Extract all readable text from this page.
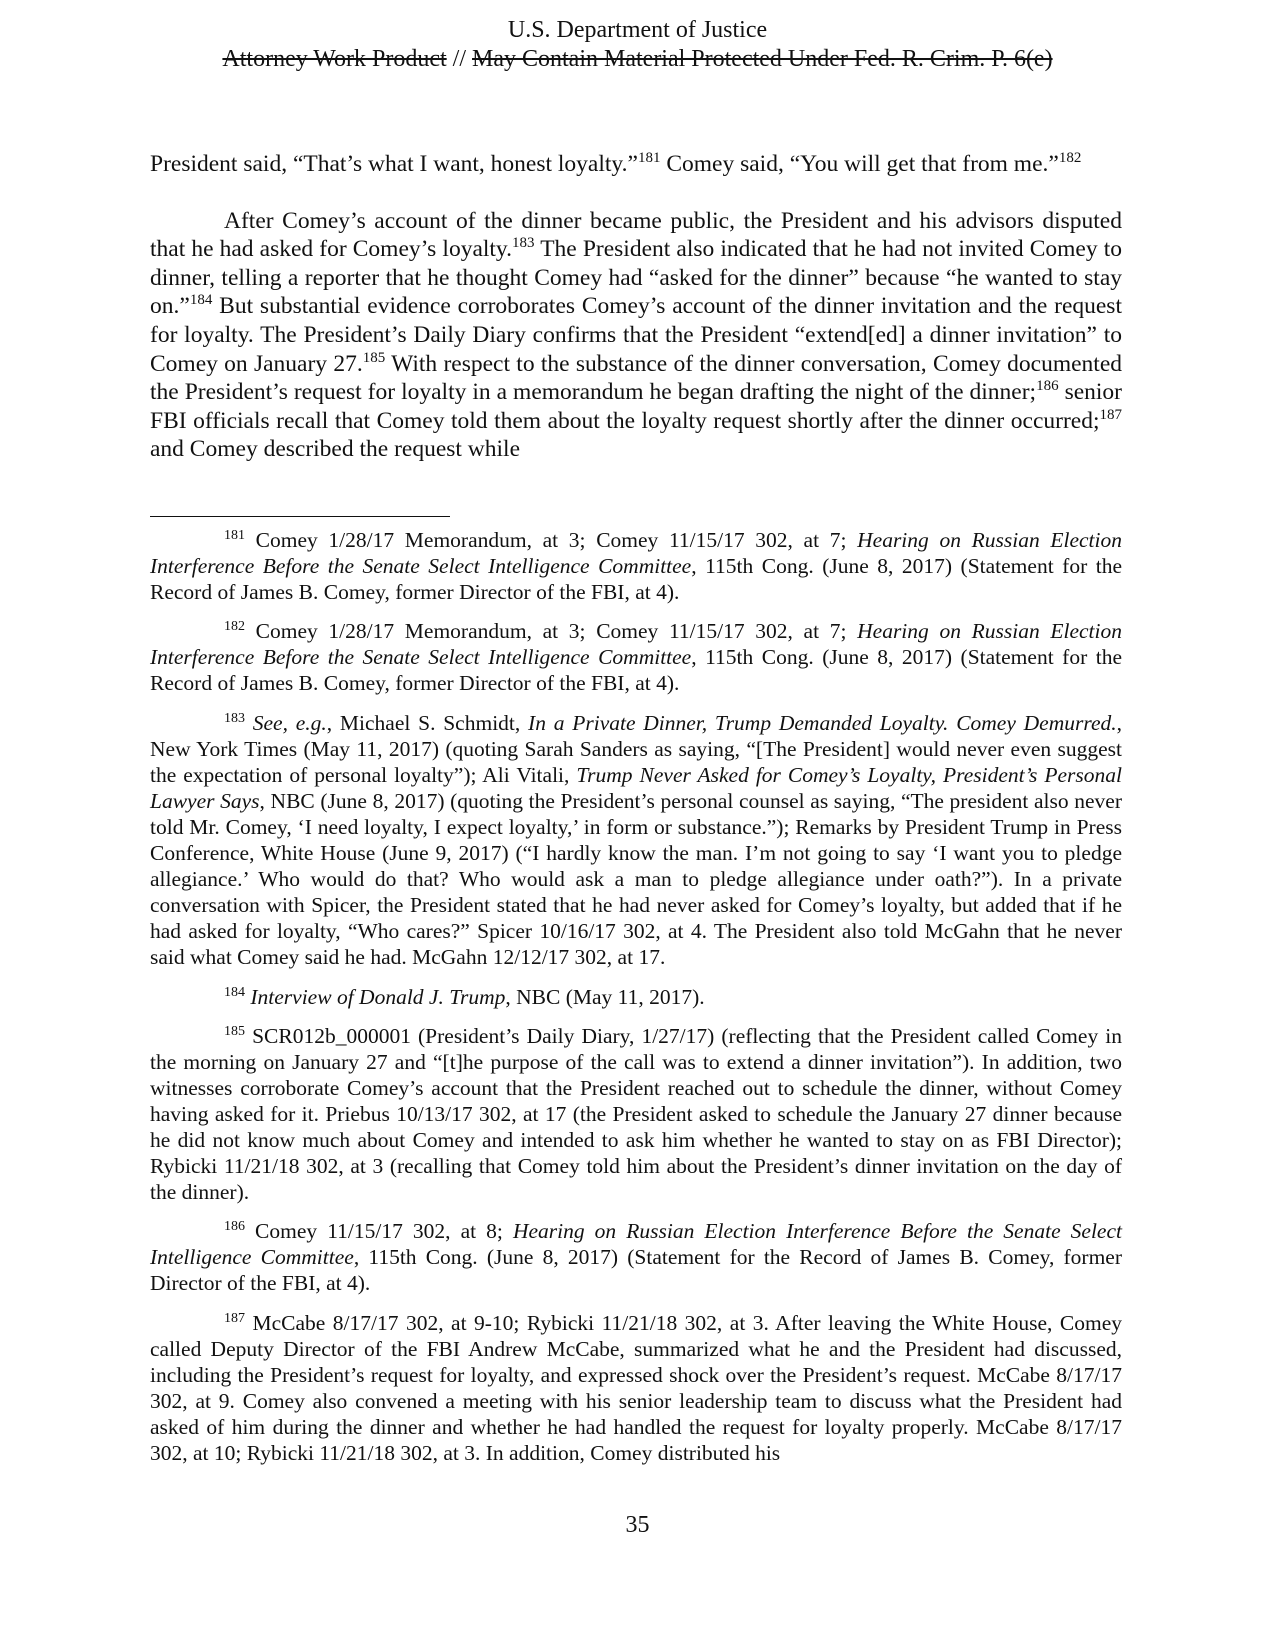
U.S. Department of Justice
Attorney Work Product // May Contain Material Protected Under Fed. R. Crim. P. 6(e)

President said, “That’s what I want, honest loyalty.”$^{181}$ Comey said, “You will get that from me.”$^{182}$

After Comey’s account of the dinner became public, the President and his advisors disputed that he had asked for Comey’s loyalty.$^{183}$ The President also indicated that he had not invited Comey to dinner, telling a reporter that he thought Comey had “asked for the dinner” because “he wanted to stay on.”$^{184}$ But substantial evidence corroborates Comey’s account of the dinner invitation and the request for loyalty. The President’s Daily Diary confirms that the President “extend[ed] a dinner invitation” to Comey on January 27.$^{185}$ With respect to the substance of the dinner conversation, Comey documented the President’s request for loyalty in a memorandum he began drafting the night of the dinner;$^{186}$ senior FBI officials recall that Comey told them about the loyalty request shortly after the dinner occurred;$^{187}$ and Comey described the request while

$^{181}$ Comey 1/28/17 Memorandum, at 3; Comey 11/15/17 302, at 7; Hearing on Russian Election Interference Before the Senate Select Intelligence Committee, 115th Cong. (June 8, 2017) (Statement for the Record of James B. Comey, former Director of the FBI, at 4).

$^{182}$ Comey 1/28/17 Memorandum, at 3; Comey 11/15/17 302, at 7; Hearing on Russian Election Interference Before the Senate Select Intelligence Committee, 115th Cong. (June 8, 2017) (Statement for the Record of James B. Comey, former Director of the FBI, at 4).

$^{183}$ See, e.g., Michael S. Schmidt, In a Private Dinner, Trump Demanded Loyalty. Comey Demurred., New York Times (May 11, 2017) (quoting Sarah Sanders as saying, “[The President] would never even suggest the expectation of personal loyalty”); Ali Vitali, Trump Never Asked for Comey’s Loyalty, President’s Personal Lawyer Says, NBC (June 8, 2017) (quoting the President’s personal counsel as saying, “The president also never told Mr. Comey, ‘I need loyalty, I expect loyalty,’ in form or substance.”); Remarks by President Trump in Press Conference, White House (June 9, 2017) (“I hardly know the man. I’m not going to say ‘I want you to pledge allegiance.’ Who would do that? Who would ask a man to pledge allegiance under oath?”). In a private conversation with Spicer, the President stated that he had never asked for Comey’s loyalty, but added that if he had asked for loyalty, “Who cares?” Spicer 10/16/17 302, at 4. The President also told McGahn that he never said what Comey said he had. McGahn 12/12/17 302, at 17.

$^{184}$ Interview of Donald J. Trump, NBC (May 11, 2017).

$^{185}$ SCR012b_000001 (President’s Daily Diary, 1/27/17) (reflecting that the President called Comey in the morning on January 27 and “[t]he purpose of the call was to extend a dinner invitation”). In addition, two witnesses corroborate Comey’s account that the President reached out to schedule the dinner, without Comey having asked for it. Priebus 10/13/17 302, at 17 (the President asked to schedule the January 27 dinner because he did not know much about Comey and intended to ask him whether he wanted to stay on as FBI Director); Rybicki 11/21/18 302, at 3 (recalling that Comey told him about the President’s dinner invitation on the day of the dinner).

$^{186}$ Comey 11/15/17 302, at 8; Hearing on Russian Election Interference Before the Senate Select Intelligence Committee, 115th Cong. (June 8, 2017) (Statement for the Record of James B. Comey, former Director of the FBI, at 4).

$^{187}$ McCabe 8/17/17 302, at 9-10; Rybicki 11/21/18 302, at 3. After leaving the White House, Comey called Deputy Director of the FBI Andrew McCabe, summarized what he and the President had discussed, including the President’s request for loyalty, and expressed shock over the President’s request. McCabe 8/17/17 302, at 9. Comey also convened a meeting with his senior leadership team to discuss what the President had asked of him during the dinner and whether he had handled the request for loyalty properly. McCabe 8/17/17 302, at 10; Rybicki 11/21/18 302, at 3. In addition, Comey distributed his

35
